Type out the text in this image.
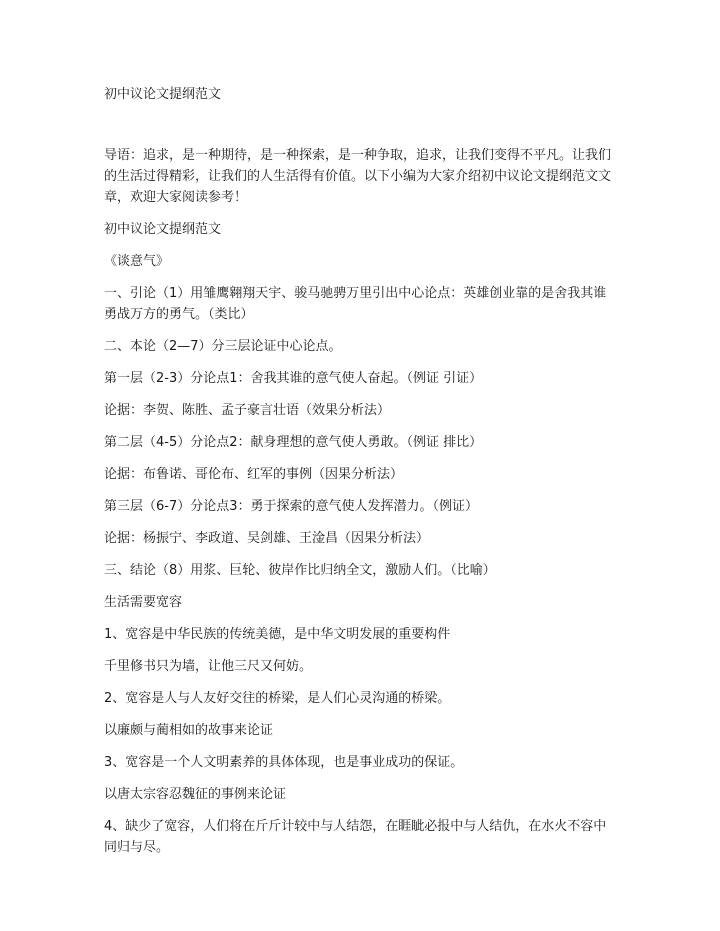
初中议论文提纲范文

导语：追求，是一种期待，是一种探索，是一种争取，追求，让我们变得不平凡。让我们的生活过得精彩，让我们的人生活得有价值。以下小编为大家介绍初中议论文提纲范文文章，欢迎大家阅读参考！

初中议论文提纲范文

《谈意气》

一、引论（1）用雏鹰翱翔天宇、骏马驰骋万里引出中心论点：英雄创业靠的是舍我其谁勇战万方的勇气。（类比）

二、本论（2—7）分三层论证中心论点。

第一层（2-3）分论点1：舍我其谁的意气使人奋起。（例证 引证）

论据：李贺、陈胜、孟子豪言壮语（效果分析法）

第二层（4-5）分论点2：献身理想的意气使人勇敢。（例证 排比）

论据：布鲁诺、哥伦布、红军的事例（因果分析法）

第三层（6-7）分论点3：勇于探索的意气使人发挥潜力。（例证）

论据：杨振宁、李政道、吴剑雄、王淦昌（因果分析法）

三、结论（8）用浆、巨轮、彼岸作比归纳全文，激励人们。（比喻）

生活需要宽容

1、宽容是中华民族的传统美德，是中华文明发展的重要构件

千里修书只为墙，让他三尺又何妨。

2、宽容是人与人友好交往的桥梁，是人们心灵沟通的桥梁。

以廉颇与蔺相如的故事来论证

3、宽容是一个人文明素养的具体体现，也是事业成功的保证。

以唐太宗容忍魏征的事例来论证

4、缺少了宽容，人们将在斤斤计较中与人结怨，在睚眦必报中与人结仇，在水火不容中同归与尽。
